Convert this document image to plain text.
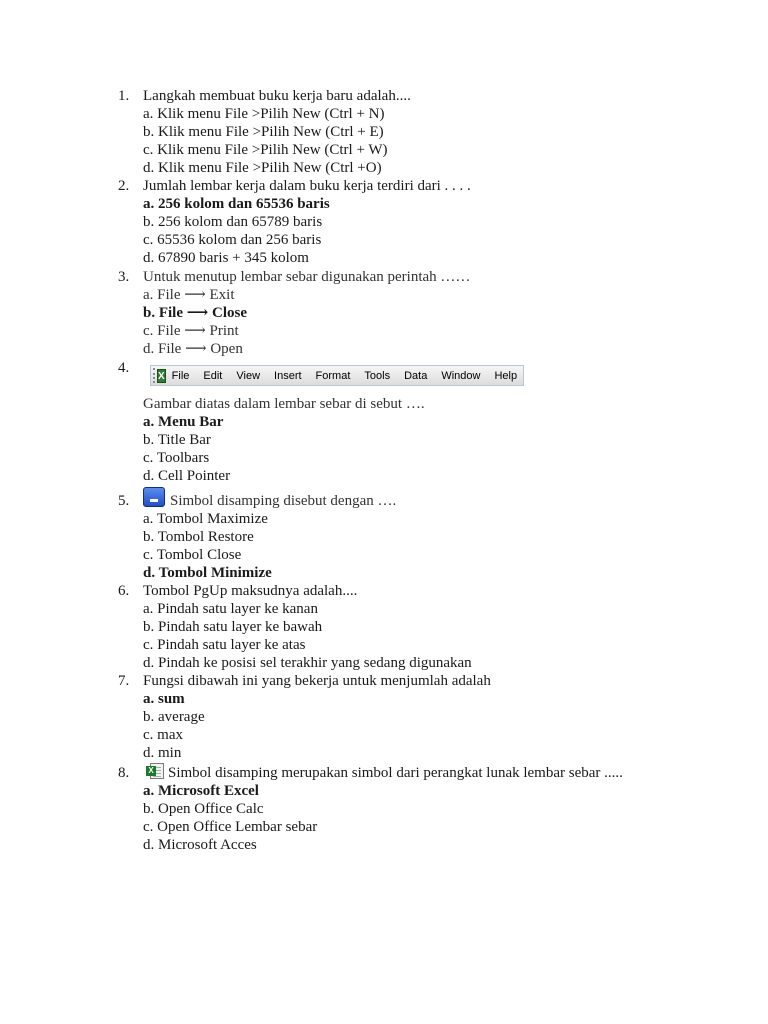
1. Langkah membuat buku kerja baru adalah....
a. Klik menu File >Pilih New (Ctrl + N)
b. Klik menu File >Pilih New (Ctrl + E)
c. Klik menu File >Pilih New (Ctrl + W)
d. Klik menu File >Pilih New (Ctrl +O)
2. Jumlah lembar kerja dalam buku kerja terdiri dari . . . .
a. 256 kolom dan 65536 baris
b. 256 kolom dan 65789 baris
c. 65536 kolom dan 256 baris
d. 67890 baris + 345 kolom
3. Untuk menutup lembar sebar digunakan perintah ……
a. File ⟶ Exit
b. File ⟶ Close
c. File ⟶ Print
d. File ⟶ Open
4.	X File Edit View Insert Format Tools Data Window Help
Gambar diatas dalam lembar sebar di sebut ….
a. Menu Bar
b. Title Bar
c. Toolbars
d. Cell Pointer
5.	Simbol disamping disebut dengan ….
a. Tombol Maximize
b. Tombol Restore
c. Tombol Close
d. Tombol Minimize
6. Tombol PgUp maksudnya adalah....
a. Pindah satu layer ke kanan
b. Pindah satu layer ke bawah
c. Pindah satu layer ke atas
d. Pindah ke posisi sel terakhir yang sedang digunakan
7. Fungsi dibawah ini yang bekerja untuk menjumlah adalah
a. sum
b. average
c. max
d. min
8. X Simbol disamping merupakan simbol dari perangkat lunak lembar sebar .....
a. Microsoft Excel
b. Open Office Calc
c. Open Office Lembar sebar
d. Microsoft Acces
